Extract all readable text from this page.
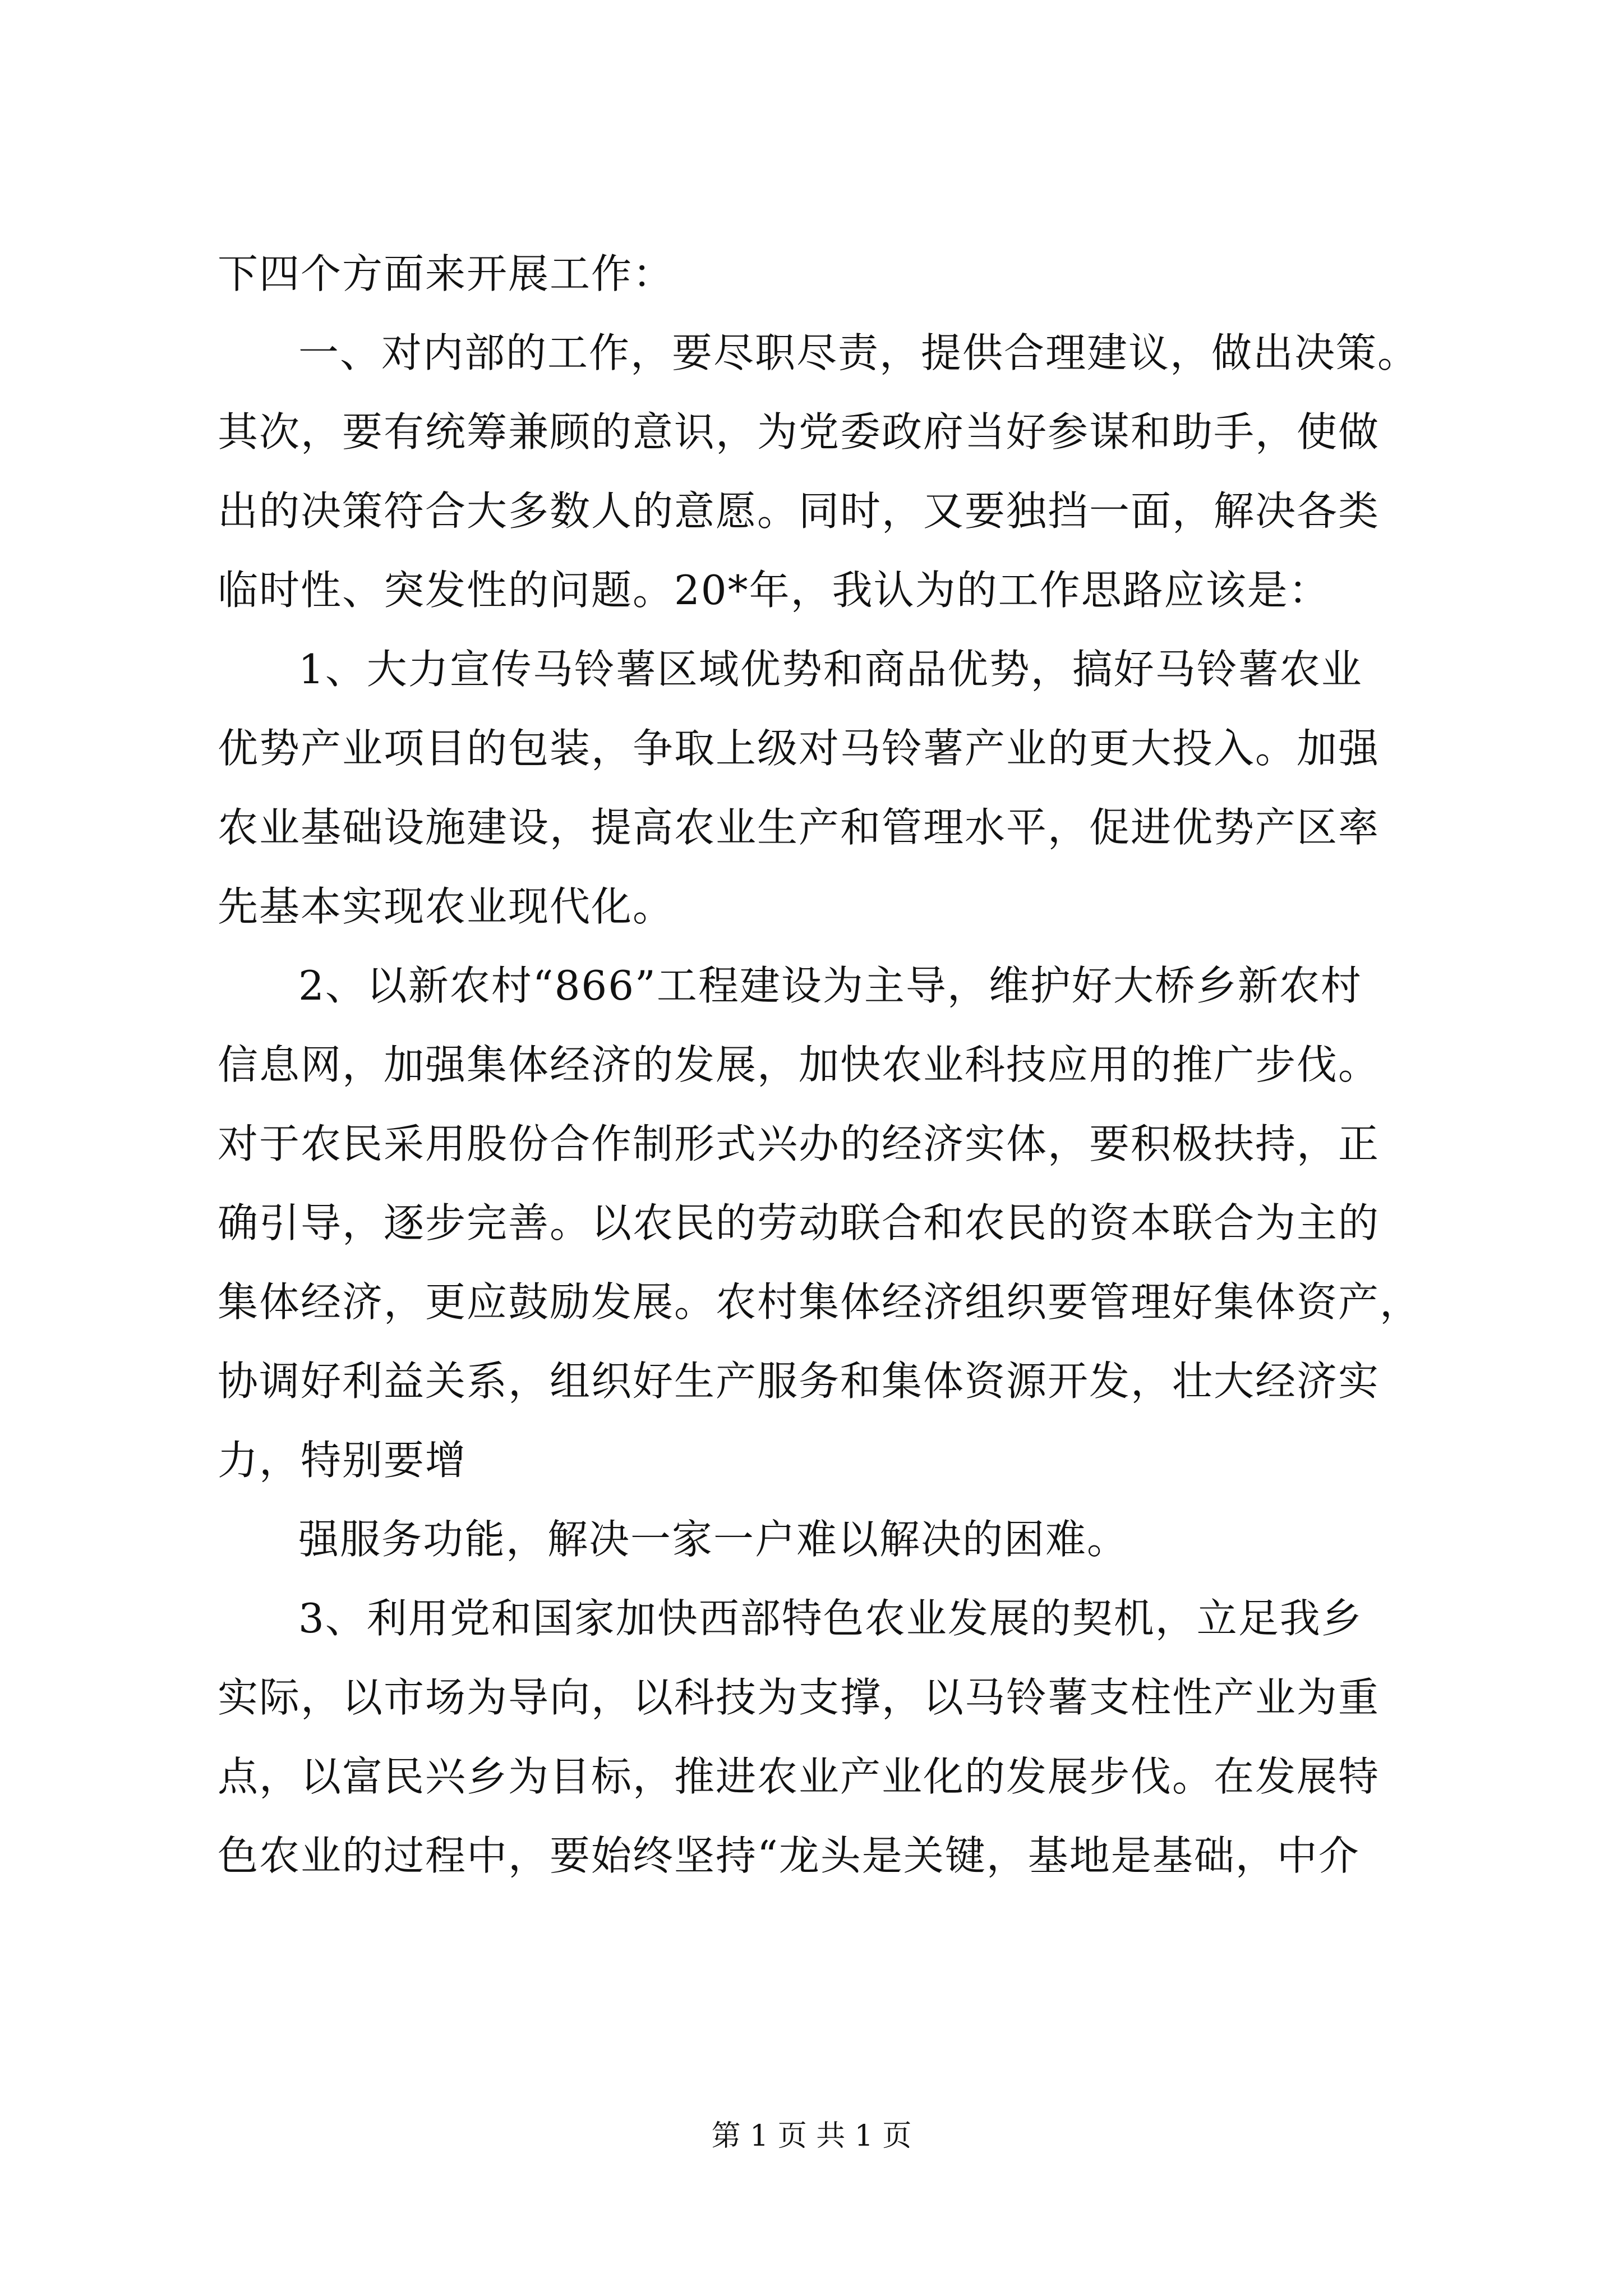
下四个方面来开展工作：
一、对内部的工作，要尽职尽责，提供合理建议，做出决策。
其次，要有统筹兼顾的意识，为党委政府当好参谋和助手，使做
出的决策符合大多数人的意愿。同时，又要独挡一面，解决各类
临时性、突发性的问题。20*年，我认为的工作思路应该是：
1、大力宣传马铃薯区域优势和商品优势，搞好马铃薯农业
优势产业项目的包装，争取上级对马铃薯产业的更大投入。加强
农业基础设施建设，提高农业生产和管理水平，促进优势产区率
先基本实现农业现代化。
2、以新农村“866”工程建设为主导，维护好大桥乡新农村
信息网，加强集体经济的发展，加快农业科技应用的推广步伐。
对于农民采用股份合作制形式兴办的经济实体，要积极扶持，正
确引导，逐步完善。以农民的劳动联合和农民的资本联合为主的
集体经济，更应鼓励发展。农村集体经济组织要管理好集体资产，
协调好利益关系，组织好生产服务和集体资源开发，壮大经济实
力，特别要增
强服务功能，解决一家一户难以解决的困难。
3、利用党和国家加快西部特色农业发展的契机，立足我乡
实际，以市场为导向，以科技为支撑，以马铃薯支柱性产业为重
点，以富民兴乡为目标，推进农业产业化的发展步伐。在发展特
色农业的过程中，要始终坚持“龙头是关键，基地是基础，中介
第 1 页 共 1 页
